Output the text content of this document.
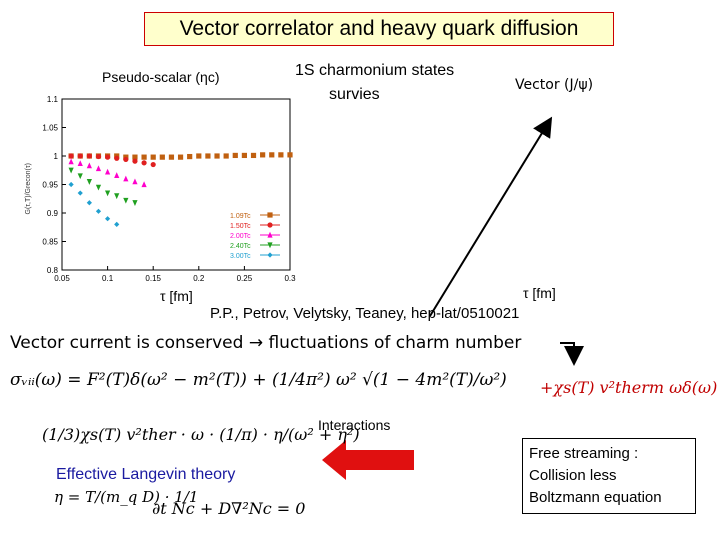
Vector correlator and heavy quark diffusion
Pseudo-scalar (ηc)
G(τ,T)/Grecon(τ)
τ [fm]
0.05	0.1	0.15	0.2	0.25	0.3
0.8
0.85
0.9
0.95
1
1.05
1.1
1.09Tc
1.50Tc
2.00Tc
2.40Tc
3.00Tc
Vector (J/ψ)
τ [fm]
1S charmonium states
survies
P.P., Petrov, Velytsky, Teaney, hep-lat/0510021
Vector current is conserved → fluctuations of charm number
σᵥᵢᵢ(ω) = F²(T)δ(ω² − m²(T)) + (1/4π²) ω² √(1 − 4m²(T)/ω²) +χs(T) v²therm ωδ(ω)
Interactions
(1/3)χs(T) v²ther · ω · (1/π) · η/(ω² + η²)
Effective Langevin theory
η = T/(m_q D) · 1/1
∂t Nc + D∇²Nc = 0
Free streaming :
Collision less
Boltzmann equation
